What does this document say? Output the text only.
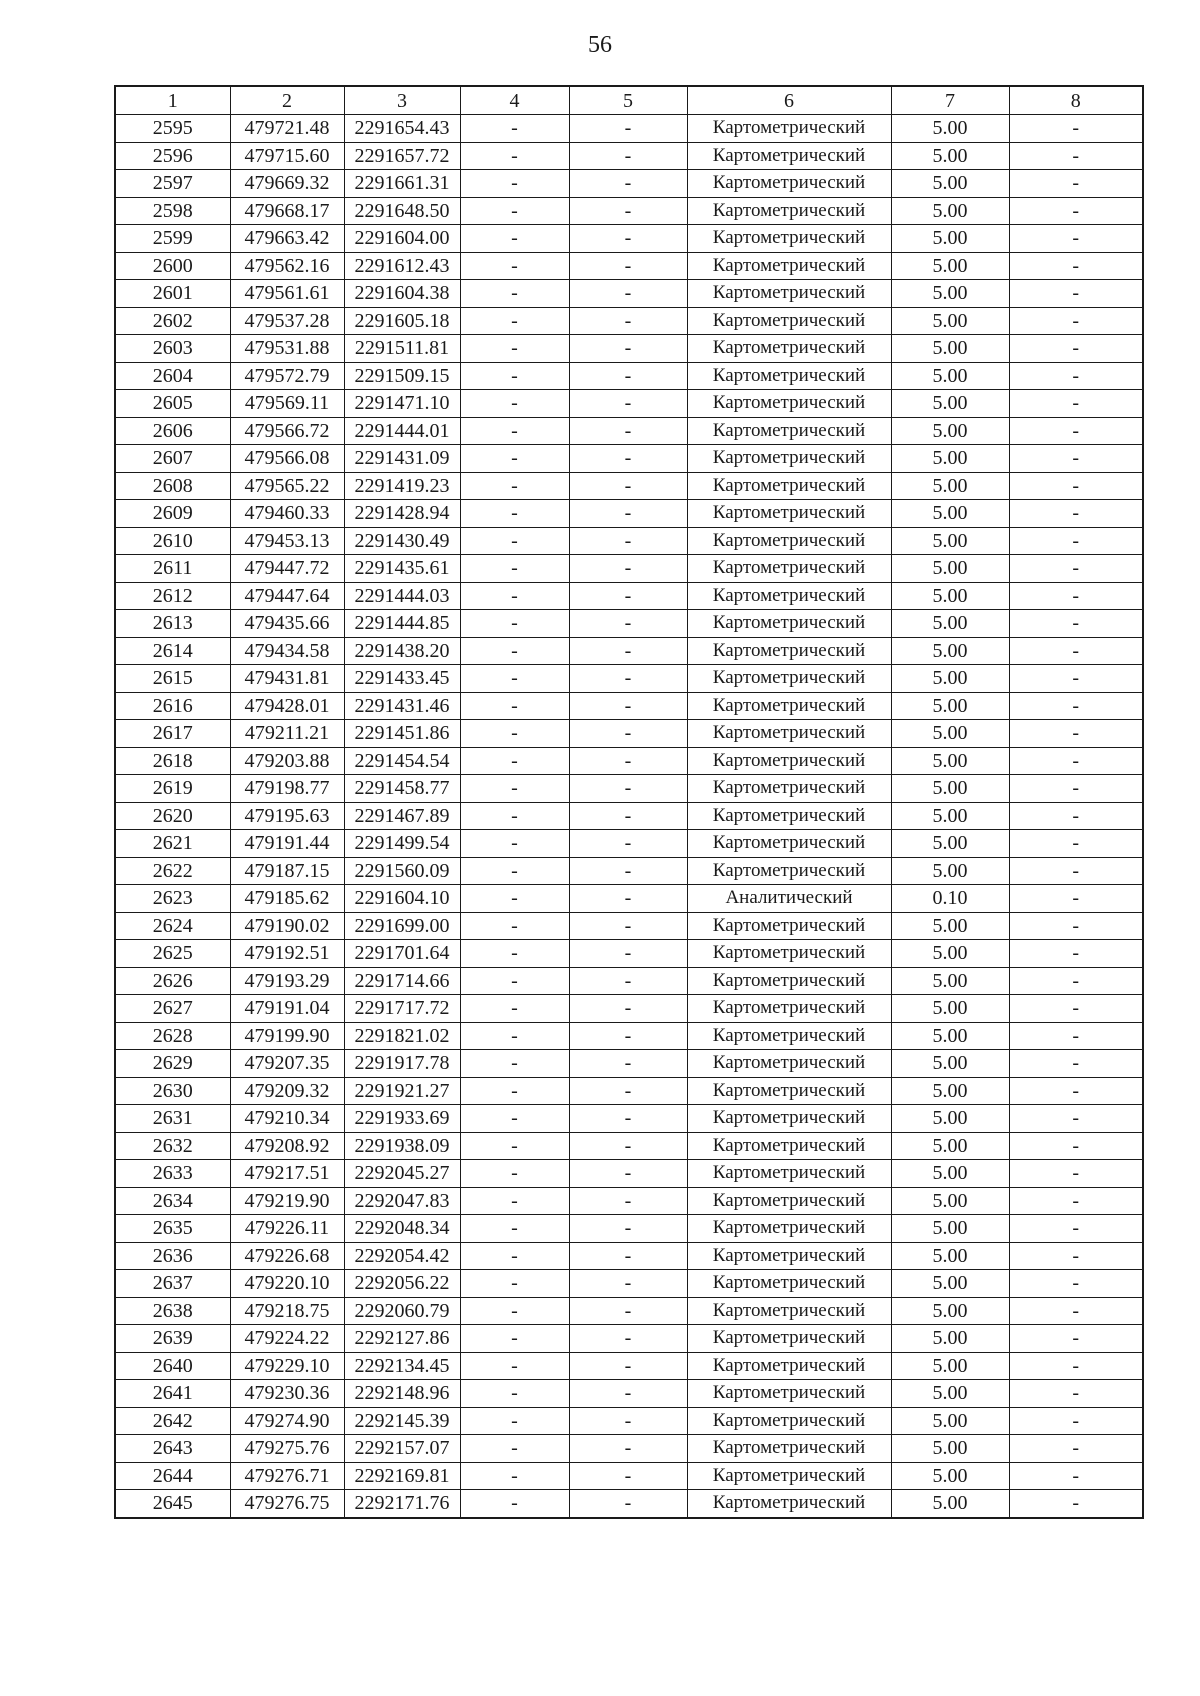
56
1	2	3	4	5	6	7	8
2595	479721.48	2291654.43	-	-	Картометрический	5.00	-
2596	479715.60	2291657.72	-	-	Картометрический	5.00	-
2597	479669.32	2291661.31	-	-	Картометрический	5.00	-
2598	479668.17	2291648.50	-	-	Картометрический	5.00	-
2599	479663.42	2291604.00	-	-	Картометрический	5.00	-
2600	479562.16	2291612.43	-	-	Картометрический	5.00	-
2601	479561.61	2291604.38	-	-	Картометрический	5.00	-
2602	479537.28	2291605.18	-	-	Картометрический	5.00	-
2603	479531.88	2291511.81	-	-	Картометрический	5.00	-
2604	479572.79	2291509.15	-	-	Картометрический	5.00	-
2605	479569.11	2291471.10	-	-	Картометрический	5.00	-
2606	479566.72	2291444.01	-	-	Картометрический	5.00	-
2607	479566.08	2291431.09	-	-	Картометрический	5.00	-
2608	479565.22	2291419.23	-	-	Картометрический	5.00	-
2609	479460.33	2291428.94	-	-	Картометрический	5.00	-
2610	479453.13	2291430.49	-	-	Картометрический	5.00	-
2611	479447.72	2291435.61	-	-	Картометрический	5.00	-
2612	479447.64	2291444.03	-	-	Картометрический	5.00	-
2613	479435.66	2291444.85	-	-	Картометрический	5.00	-
2614	479434.58	2291438.20	-	-	Картометрический	5.00	-
2615	479431.81	2291433.45	-	-	Картометрический	5.00	-
2616	479428.01	2291431.46	-	-	Картометрический	5.00	-
2617	479211.21	2291451.86	-	-	Картометрический	5.00	-
2618	479203.88	2291454.54	-	-	Картометрический	5.00	-
2619	479198.77	2291458.77	-	-	Картометрический	5.00	-
2620	479195.63	2291467.89	-	-	Картометрический	5.00	-
2621	479191.44	2291499.54	-	-	Картометрический	5.00	-
2622	479187.15	2291560.09	-	-	Картометрический	5.00	-
2623	479185.62	2291604.10	-	-	Аналитический	0.10	-
2624	479190.02	2291699.00	-	-	Картометрический	5.00	-
2625	479192.51	2291701.64	-	-	Картометрический	5.00	-
2626	479193.29	2291714.66	-	-	Картометрический	5.00	-
2627	479191.04	2291717.72	-	-	Картометрический	5.00	-
2628	479199.90	2291821.02	-	-	Картометрический	5.00	-
2629	479207.35	2291917.78	-	-	Картометрический	5.00	-
2630	479209.32	2291921.27	-	-	Картометрический	5.00	-
2631	479210.34	2291933.69	-	-	Картометрический	5.00	-
2632	479208.92	2291938.09	-	-	Картометрический	5.00	-
2633	479217.51	2292045.27	-	-	Картометрический	5.00	-
2634	479219.90	2292047.83	-	-	Картометрический	5.00	-
2635	479226.11	2292048.34	-	-	Картометрический	5.00	-
2636	479226.68	2292054.42	-	-	Картометрический	5.00	-
2637	479220.10	2292056.22	-	-	Картометрический	5.00	-
2638	479218.75	2292060.79	-	-	Картометрический	5.00	-
2639	479224.22	2292127.86	-	-	Картометрический	5.00	-
2640	479229.10	2292134.45	-	-	Картометрический	5.00	-
2641	479230.36	2292148.96	-	-	Картометрический	5.00	-
2642	479274.90	2292145.39	-	-	Картометрический	5.00	-
2643	479275.76	2292157.07	-	-	Картометрический	5.00	-
2644	479276.71	2292169.81	-	-	Картометрический	5.00	-
2645	479276.75	2292171.76	-	-	Картометрический	5.00	-
